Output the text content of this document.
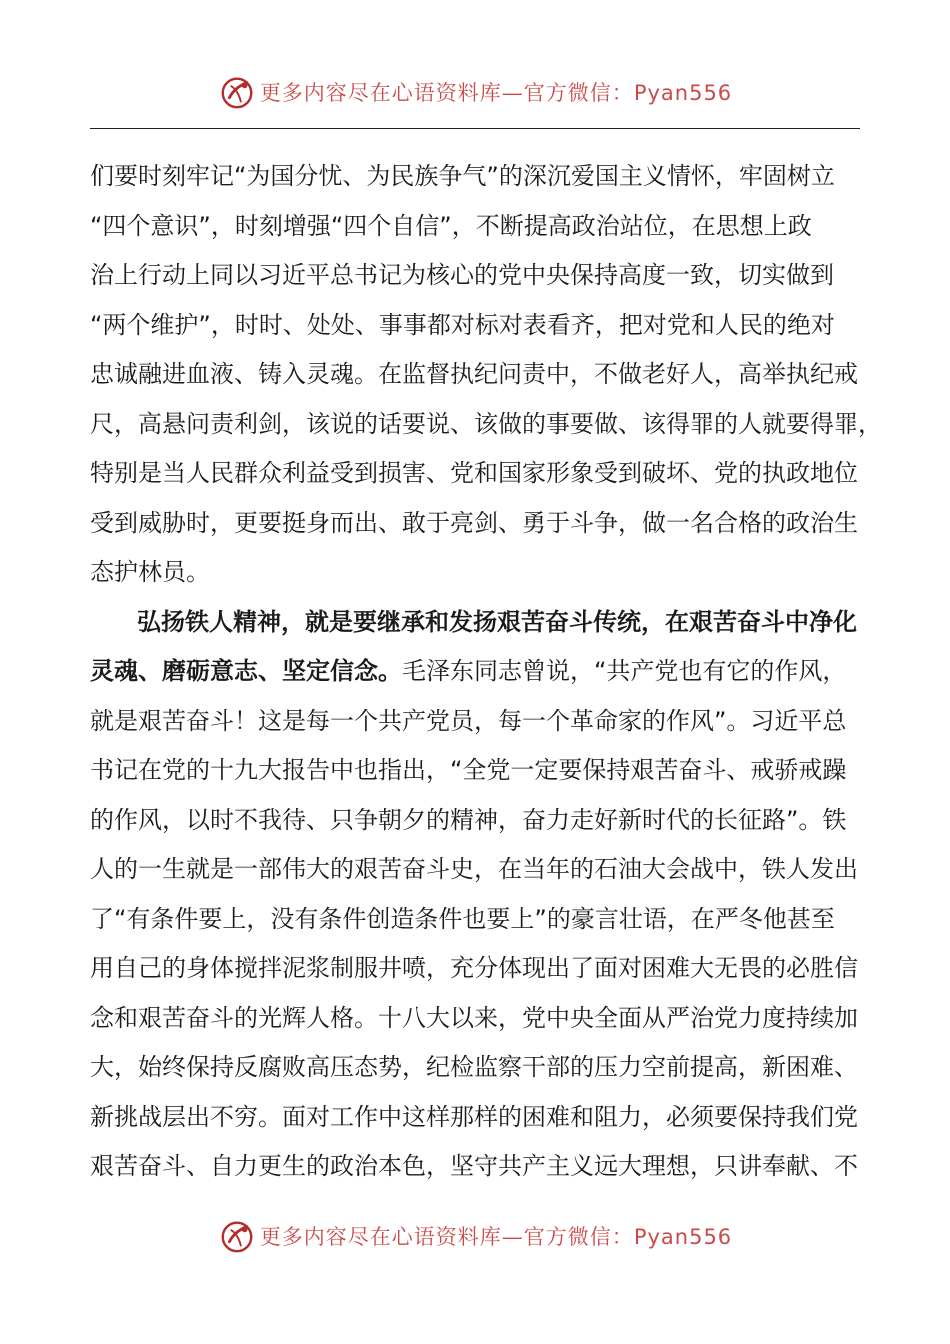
更多内容尽在心语资料库—官方微信：Pyan556
们要时刻牢记“为国分忧、为民族争气”的深沉爱国主义情怀，牢固树立
“四个意识”，时刻增强“四个自信”，不断提高政治站位，在思想上政
治上行动上同以习近平总书记为核心的党中央保持高度一致，切实做到
“两个维护”，时时、处处、事事都对标对表看齐，把对党和人民的绝对
忠诚融进血液、铸入灵魂。在监督执纪问责中，不做老好人，高举执纪戒
尺，高悬问责利剑，该说的话要说、该做的事要做、该得罪的人就要得罪，
特别是当人民群众利益受到损害、党和国家形象受到破坏、党的执政地位
受到威胁时，更要挺身而出、敢于亮剑、勇于斗争，做一名合格的政治生
态护林员。
弘扬铁人精神，就是要继承和发扬艰苦奋斗传统，在艰苦奋斗中净化
灵魂、磨砺意志、坚定信念。毛泽东同志曾说，“共产党也有它的作风，
就是艰苦奋斗！这是每一个共产党员，每一个革命家的作风”。习近平总
书记在党的十九大报告中也指出，“全党一定要保持艰苦奋斗、戒骄戒躁
的作风，以时不我待、只争朝夕的精神，奋力走好新时代的长征路”。铁
人的一生就是一部伟大的艰苦奋斗史，在当年的石油大会战中，铁人发出
了“有条件要上，没有条件创造条件也要上”的豪言壮语，在严冬他甚至
用自己的身体搅拌泥浆制服井喷，充分体现出了面对困难大无畏的必胜信
念和艰苦奋斗的光辉人格。十八大以来，党中央全面从严治党力度持续加
大，始终保持反腐败高压态势，纪检监察干部的压力空前提高，新困难、
新挑战层出不穷。面对工作中这样那样的困难和阻力，必须要保持我们党
艰苦奋斗、自力更生的政治本色，坚守共产主义远大理想，只讲奉献、不
更多内容尽在心语资料库—官方微信：Pyan556
